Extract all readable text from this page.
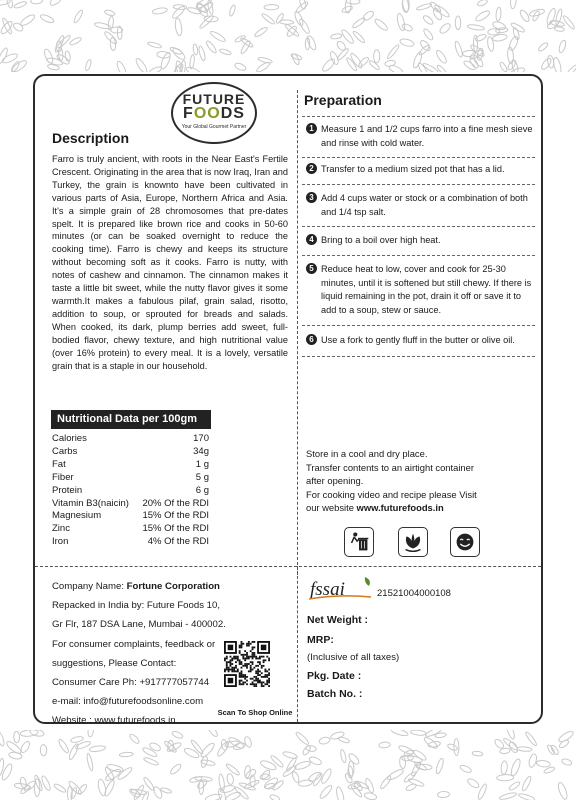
FUTURE
FOODS
Your Global Gourmet Partner
Description

Farro is truly ancient, with roots in the Near East's Fertile Crescent. Originating in the area that is now Iraq, Iran and Turkey, the grain is knownto have been cultivated in various parts of Asia, Europe, Northern Africa and Asia. It's a simple grain of 28 chromosomes that pre-dates spelt. It is prepared like brown rice and cooks in 50-60 minutes (or can be soaked overnight to reduce the cooking time). Farro is chewy and keeps its structure without becoming soft as it cooks. Farro is nutty, with notes of cashew and cinnamon. The cinnamon makes it taste a little bit sweet, while the nutty flavor gives it some warmth.It makes a fabulous pilaf, grain salad, risotto, addition to soup, or sprouted for breads and salads. When cooked, its dark, plump berries add sweet, full-bodied flavor, chewy texture, and high nutritional value (over 16% protein) to every meal. It is a lovely, versatile grain that is a staple in our household.

Preparation
1 Measure 1 and 1/2 cups farro into a fine mesh sieve and rinse with cold water.
2 Transfer to a medium sized pot that has a lid.
3 Add 4 cups water or stock or a combination of both and 1/4 tsp salt.
4 Bring to a boil over high heat.
5 Reduce heat to low, cover and cook for 25-30 minutes, until it is softened but still chewy. If there is liquid remaining in the pot, drain it off or save it to add to a soup, stew or sauce.
6 Use a fork to gently fluff in the butter or olive oil.
Nutritional Data per 100gm
Calories	170
Carbs	34g
Fat	1 g
Fiber	5 g
Protein	6 g
Vitamin B3(naicin) 20% Of the RDI
Magnesium	15% Of the RDI
Zinc	15% Of the RDI
Iron	4% Of the RDI
Store in a cool and dry place.
Transfer contents to an airtight container
after opening.
For cooking video and recipe please Visit
our website www.futurefoods.in
Company Name: Fortune Corporation
Repacked in India by: Future Foods 10,
Gr Flr, 187 DSA Lane, Mumbai - 400002.
For consumer complaints, feedback or
suggestions, Please Contact:
Consumer Care Ph: +917777057744
e-mail: info@futurefoodsonline.com
Website : www.futurefoods.in
Scan To Shop Online
fssai	21521004000108
Net Weight :
MRP:
(Inclusive of all taxes)
Pkg. Date :
Batch No. :
